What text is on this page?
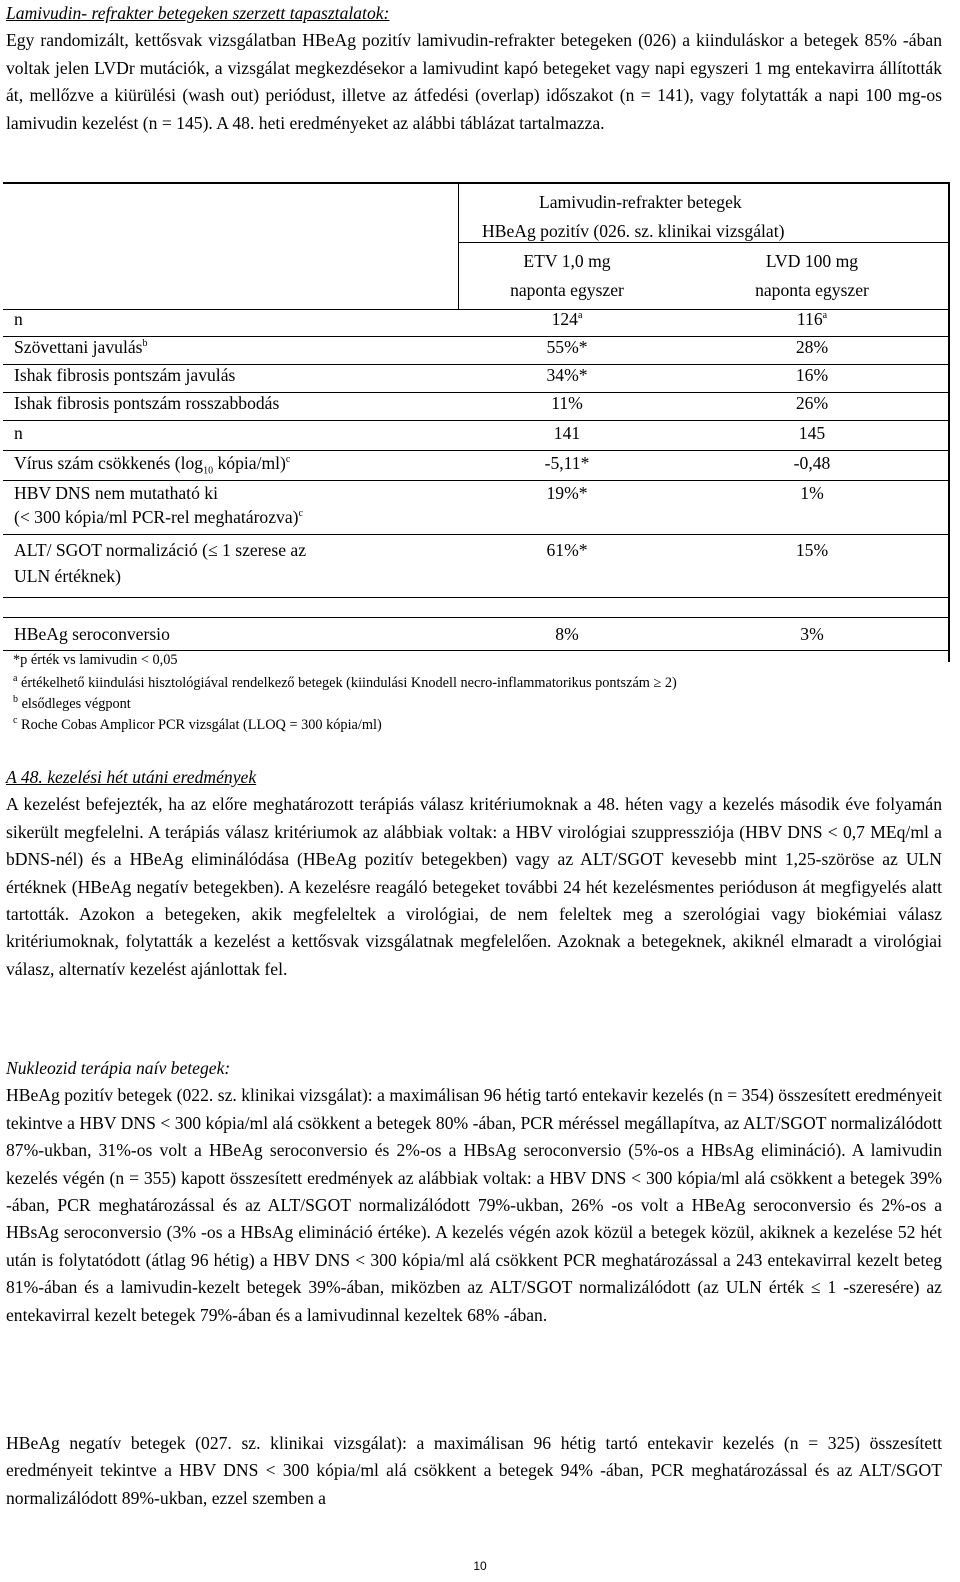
Lamivudin- refrakter betegeken szerzett tapasztalatok:
Egy randomizált, kettősvak vizsgálatban HBeAg pozitív lamivudin-refrakter betegeken (026) a kiinduláskor a betegek 85% -ában voltak jelen LVDr mutációk, a vizsgálat megkezdésekor a lamivudint kapó betegeket vagy napi egyszeri 1 mg entekavirra állították át, mellőzve a kiürülési (wash out) periódust, illetve az átfedési (overlap) időszakot (n = 141), vagy folytatták a napi 100 mg-os lamivudin kezelést (n = 145). A 48. heti eredményeket az alábbi táblázat tartalmazza.
Lamivudin-refrakter betegek
HBeAg pozitív (026. sz. klinikai vizsgálat)
ETV 1,0 mg
naponta egyszer
LVD 100 mg
naponta egyszer
n	124$^a$	116$^a$
Szövettani javulás$^b$	55%*	28%
Ishak fibrosis pontszám javulás	34%*	16%
Ishak fibrosis pontszám rosszabbodás	11%	26%
n	141	145
Vírus szám csökkenés ($\log_{10}$ kópia/ml)$^c$	-5,11*	-0,48
HBV DNS nem mutatható ki
(< 300 kópia/ml PCR-rel meghatározva)$^c$
19%*	1%
ALT/ SGOT normalizáció (≤ 1 szerese az
ULN értéknek)
61%*	15%
HBeAg seroconversio	8%	3%
*p érték vs lamivudin < 0,05
$^a$ értékelhető kiindulási hisztológiával rendelkező betegek (kiindulási Knodell necro-inflammatorikus pontszám ≥ 2)
$^b$ elsődleges végpont
$^c$ Roche Cobas Amplicor PCR vizsgálat (LLOQ = 300 kópia/ml)
A 48. kezelési hét utáni eredmények
A kezelést befejezték, ha az előre meghatározott terápiás válasz kritériumoknak a 48. héten vagy a kezelés második éve folyamán sikerült megfelelni. A terápiás válasz kritériumok az alábbiak voltak: a HBV virológiai szuppressziója (HBV DNS < 0,7 MEq/ml a bDNS-nél) és a HBeAg eliminálódása (HBeAg pozitív betegekben) vagy az ALT/SGOT kevesebb mint 1,25-szöröse az ULN értéknek (HBeAg negatív betegekben). A kezelésre reagáló betegeket további 24 hét kezelésmentes perióduson át megfigyelés alatt tartották. Azokon a betegeken, akik megfeleltek a virológiai, de nem feleltek meg a szerológiai vagy biokémiai válasz kritériumoknak, folytatták a kezelést a kettősvak vizsgálatnak megfelelően. Azoknak a betegeknek, akiknél elmaradt a virológiai válasz, alternatív kezelést ajánlottak fel.
Nukleozid terápia naív betegek:
HBeAg pozitív betegek (022. sz. klinikai vizsgálat): a maximálisan 96 hétig tartó entekavir kezelés (n = 354) összesített eredményeit tekintve a HBV DNS < 300 kópia/ml alá csökkent a betegek 80% -ában, PCR méréssel megállapítva, az ALT/SGOT normalizálódott 87%-ukban, 31%-os volt a HBeAg seroconversio és 2%-os a HBsAg seroconversio (5%-os a HBsAg elimináció). A lamivudin kezelés végén (n = 355) kapott összesített eredmények az alábbiak voltak: a HBV DNS < 300 kópia/ml alá csökkent a betegek 39% -ában, PCR meghatározással és az ALT/SGOT normalizálódott 79%-ukban, 26% -os volt a HBeAg seroconversio és 2%-os a HBsAg seroconversio (3% -os a HBsAg elimináció értéke). A kezelés végén azok közül a betegek közül, akiknek a kezelése 52 hét után is folytatódott (átlag 96 hétig) a HBV DNS < 300 kópia/ml alá csökkent PCR meghatározással a 243 entekavirral kezelt beteg 81%-ában és a lamivudin-kezelt betegek 39%-ában, miközben az ALT/SGOT normalizálódott (az ULN érték ≤ 1 -szeresére) az entekavirral kezelt betegek 79%-ában és a lamivudinnal kezeltek 68% -ában.
HBeAg negatív betegek (027. sz. klinikai vizsgálat): a maximálisan 96 hétig tartó entekavir kezelés (n = 325) összesített eredményeit tekintve a HBV DNS < 300 kópia/ml alá csökkent a betegek 94% -ában, PCR meghatározással és az ALT/SGOT normalizálódott 89%-ukban, ezzel szemben a
10
